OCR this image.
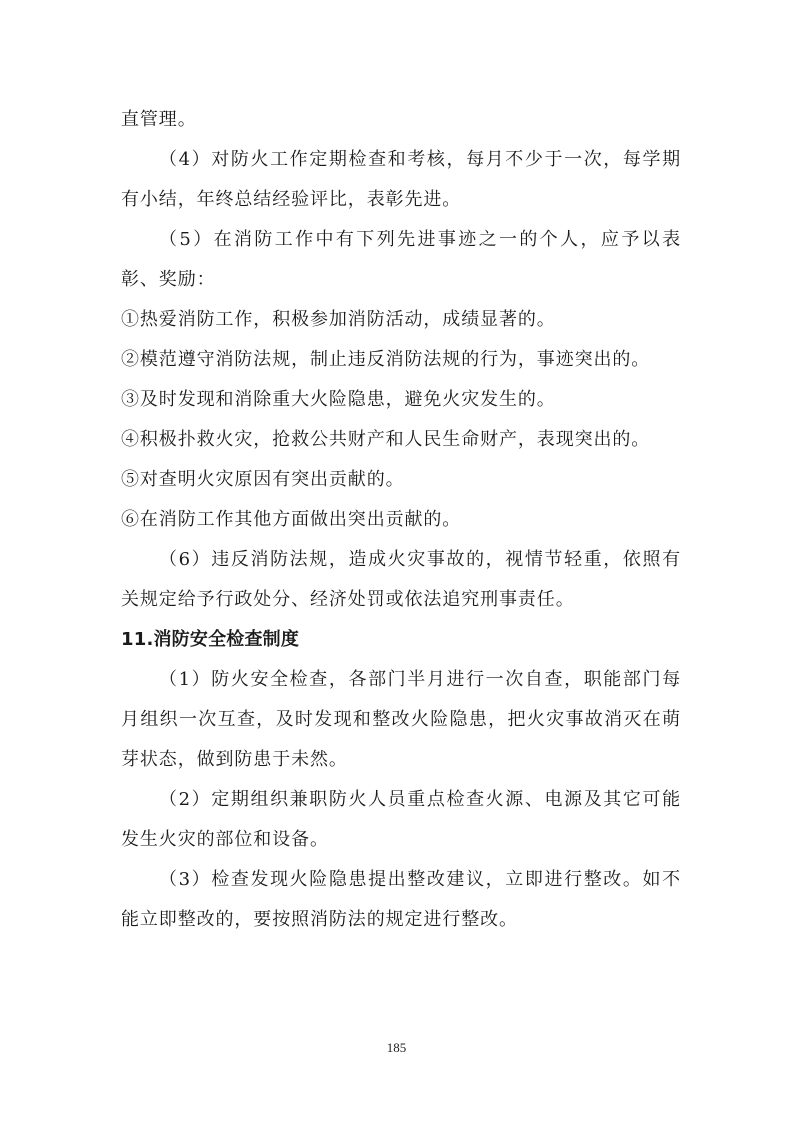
直管理。

（4）对防火工作定期检查和考核，每月不少于一次，每学期有小结，年终总结经验评比，表彰先进。

（5）在消防工作中有下列先进事迹之一的个人，应予以表彰、奖励：

①热爱消防工作，积极参加消防活动，成绩显著的。

②模范遵守消防法规，制止违反消防法规的行为，事迹突出的。

③及时发现和消除重大火险隐患，避免火灾发生的。

④积极扑救火灾，抢救公共财产和人民生命财产，表现突出的。

⑤对查明火灾原因有突出贡献的。

⑥在消防工作其他方面做出突出贡献的。

（6）违反消防法规，造成火灾事故的，视情节轻重，依照有关规定给予行政处分、经济处罚或依法追究刑事责任。

11.消防安全检查制度

（1）防火安全检查，各部门半月进行一次自查，职能部门每月组织一次互查，及时发现和整改火险隐患，把火灾事故消灭在萌芽状态，做到防患于未然。

（2）定期组织兼职防火人员重点检查火源、电源及其它可能发生火灾的部位和设备。

（3）检查发现火险隐患提出整改建议，立即进行整改。如不能立即整改的，要按照消防法的规定进行整改。

185
